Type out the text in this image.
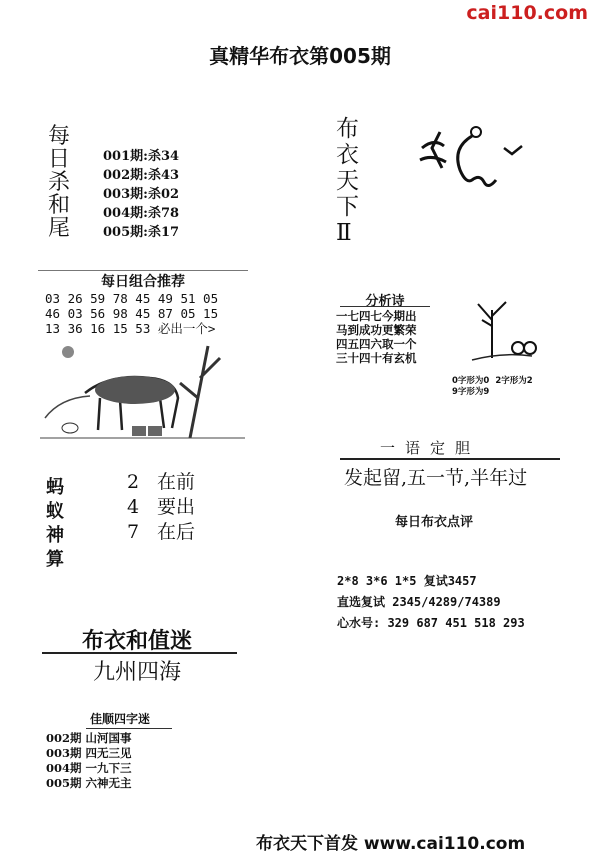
cai110.com
真精华布衣第005期
每日杀和尾
001期:杀34
002期:杀43
003期:杀02
004期:杀78
005期:杀17
每日组合推荐
03 26 59 78 45 49 51 05
46 03 56 98 45 87 05 15
13 36 16 15 53 必出一个>
蚂蚁神算
2 在前
4 要出
7 在后
布衣和值迷
九州四海
佳顺四字迷
002期 山河国事
003期 四无三见
004期 一九下三
005期 六神无主
布衣天下Ⅱ
分析诗
一七四七今期出
马到成功更繁荣
四五四六取一个
三十四十有玄机
0字形为0 2字形为2
9字形为9
一语定胆
发起留,五一节,半年过
每日布衣点评
2*8 3*6 1*5 复试3457
直选复试 2345/4289/74389
心水号: 329 687 451 518 293
布衣天下首发 www.cai110.com
